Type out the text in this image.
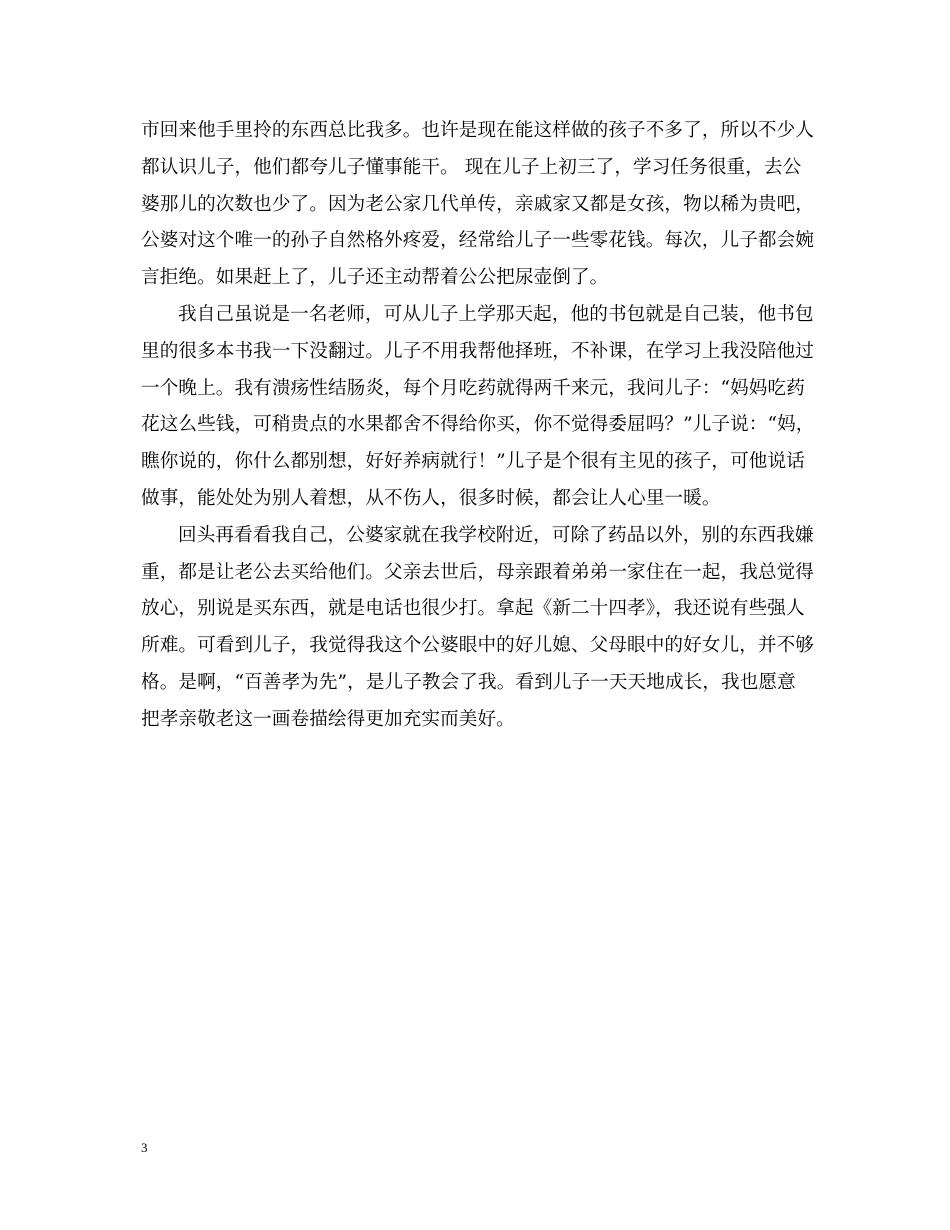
市回来他手里拎的东西总比我多。也许是现在能这样做的孩子不多了，所以不少人
都认识儿子，他们都夸儿子懂事能干。 现在儿子上初三了，学习任务很重，去公
婆那儿的次数也少了。因为老公家几代单传，亲戚家又都是女孩，物以稀为贵吧，
公婆对这个唯一的孙子自然格外疼爱，经常给儿子一些零花钱。每次，儿子都会婉
言拒绝。如果赶上了，儿子还主动帮着公公把尿壶倒了。
我自己虽说是一名老师，可从儿子上学那天起，他的书包就是自己装，他书包
里的很多本书我一下没翻过。儿子不用我帮他择班，不补课，在学习上我没陪他过
一个晚上。我有溃疡性结肠炎，每个月吃药就得两千来元，我问儿子：“妈妈吃药
花这么些钱，可稍贵点的水果都舍不得给你买，你不觉得委屈吗？”儿子说：“妈，
瞧你说的，你什么都别想，好好养病就行！”儿子是个很有主见的孩子，可他说话
做事，能处处为别人着想，从不伤人，很多时候，都会让人心里一暖。
回头再看看我自己，公婆家就在我学校附近，可除了药品以外，别的东西我嫌
重，都是让老公去买给他们。父亲去世后，母亲跟着弟弟一家住在一起，我总觉得
放心，别说是买东西，就是电话也很少打。拿起《新二十四孝》，我还说有些强人
所难。可看到儿子，我觉得我这个公婆眼中的好儿媳、父母眼中的好女儿，并不够
格。是啊，“百善孝为先”，是儿子教会了我。看到儿子一天天地成长，我也愿意
把孝亲敬老这一画卷描绘得更加充实而美好。
3
